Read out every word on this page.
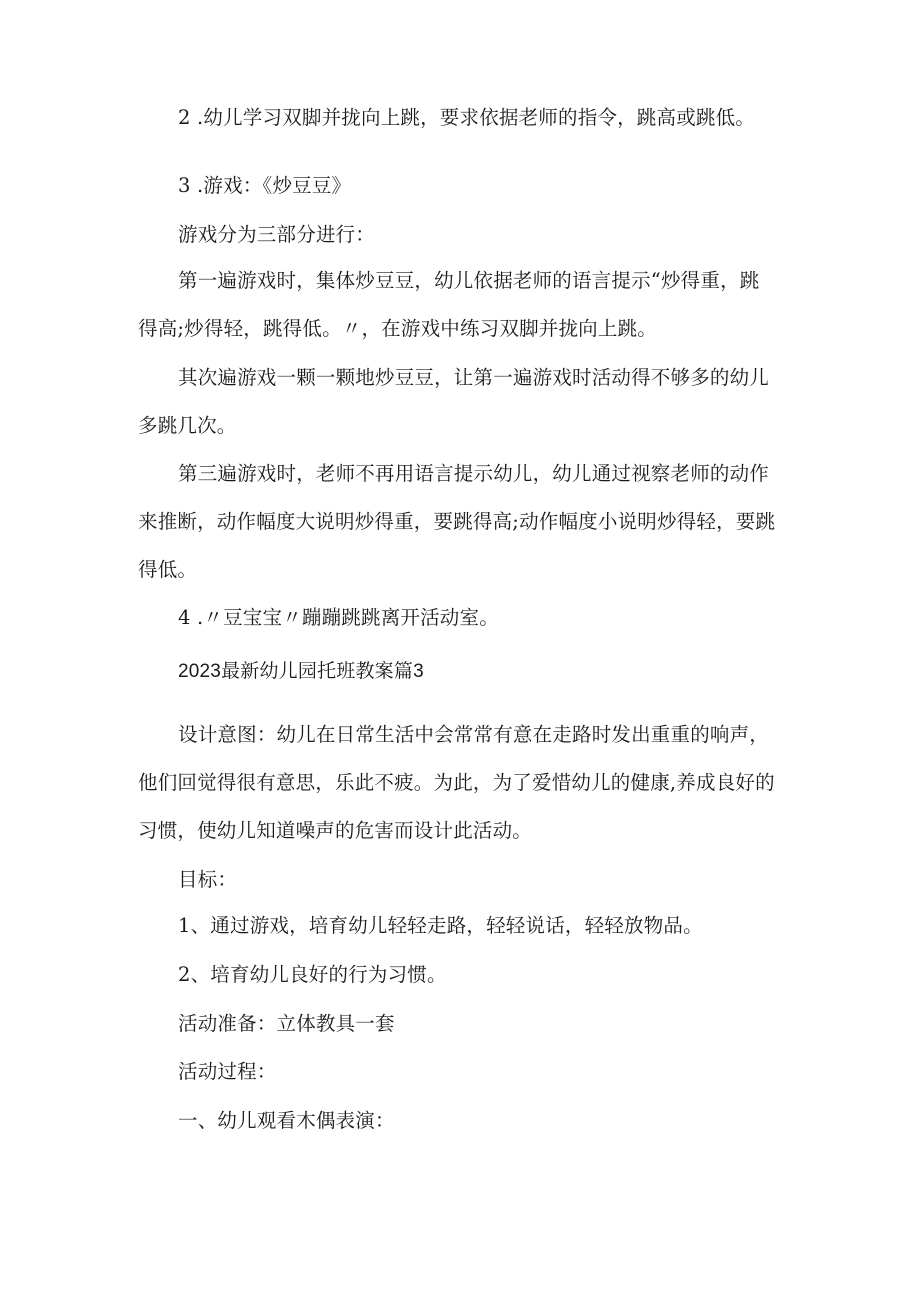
2 .幼儿学习双脚并拢向上跳，要求依据老师的指令，跳高或跳低。
3 .游戏：《炒豆豆》
游戏分为三部分进行：
第一遍游戏时，集体炒豆豆，幼儿依据老师的语言提示“炒得重，跳
得高;炒得轻，跳得低。〃，在游戏中练习双脚并拢向上跳。
其次遍游戏一颗一颗地炒豆豆，让第一遍游戏时活动得不够多的幼儿
多跳几次。
第三遍游戏时，老师不再用语言提示幼儿，幼儿通过视察老师的动作
来推断，动作幅度大说明炒得重，要跳得高;动作幅度小说明炒得轻，要跳
得低。
4 .〃豆宝宝〃蹦蹦跳跳离开活动室。
2023最新幼儿园托班教案篇3
设计意图：幼儿在日常生活中会常常有意在走路时发出重重的响声，
他们回觉得很有意思，乐此不疲。为此，为了爱惜幼儿的健康,养成良好的
习惯，使幼儿知道噪声的危害而设计此活动。
目标：
1、通过游戏，培育幼儿轻轻走路，轻轻说话，轻轻放物品。
2、培育幼儿良好的行为习惯。
活动准备：立体教具一套
活动过程：
一、幼儿观看木偶表演：
